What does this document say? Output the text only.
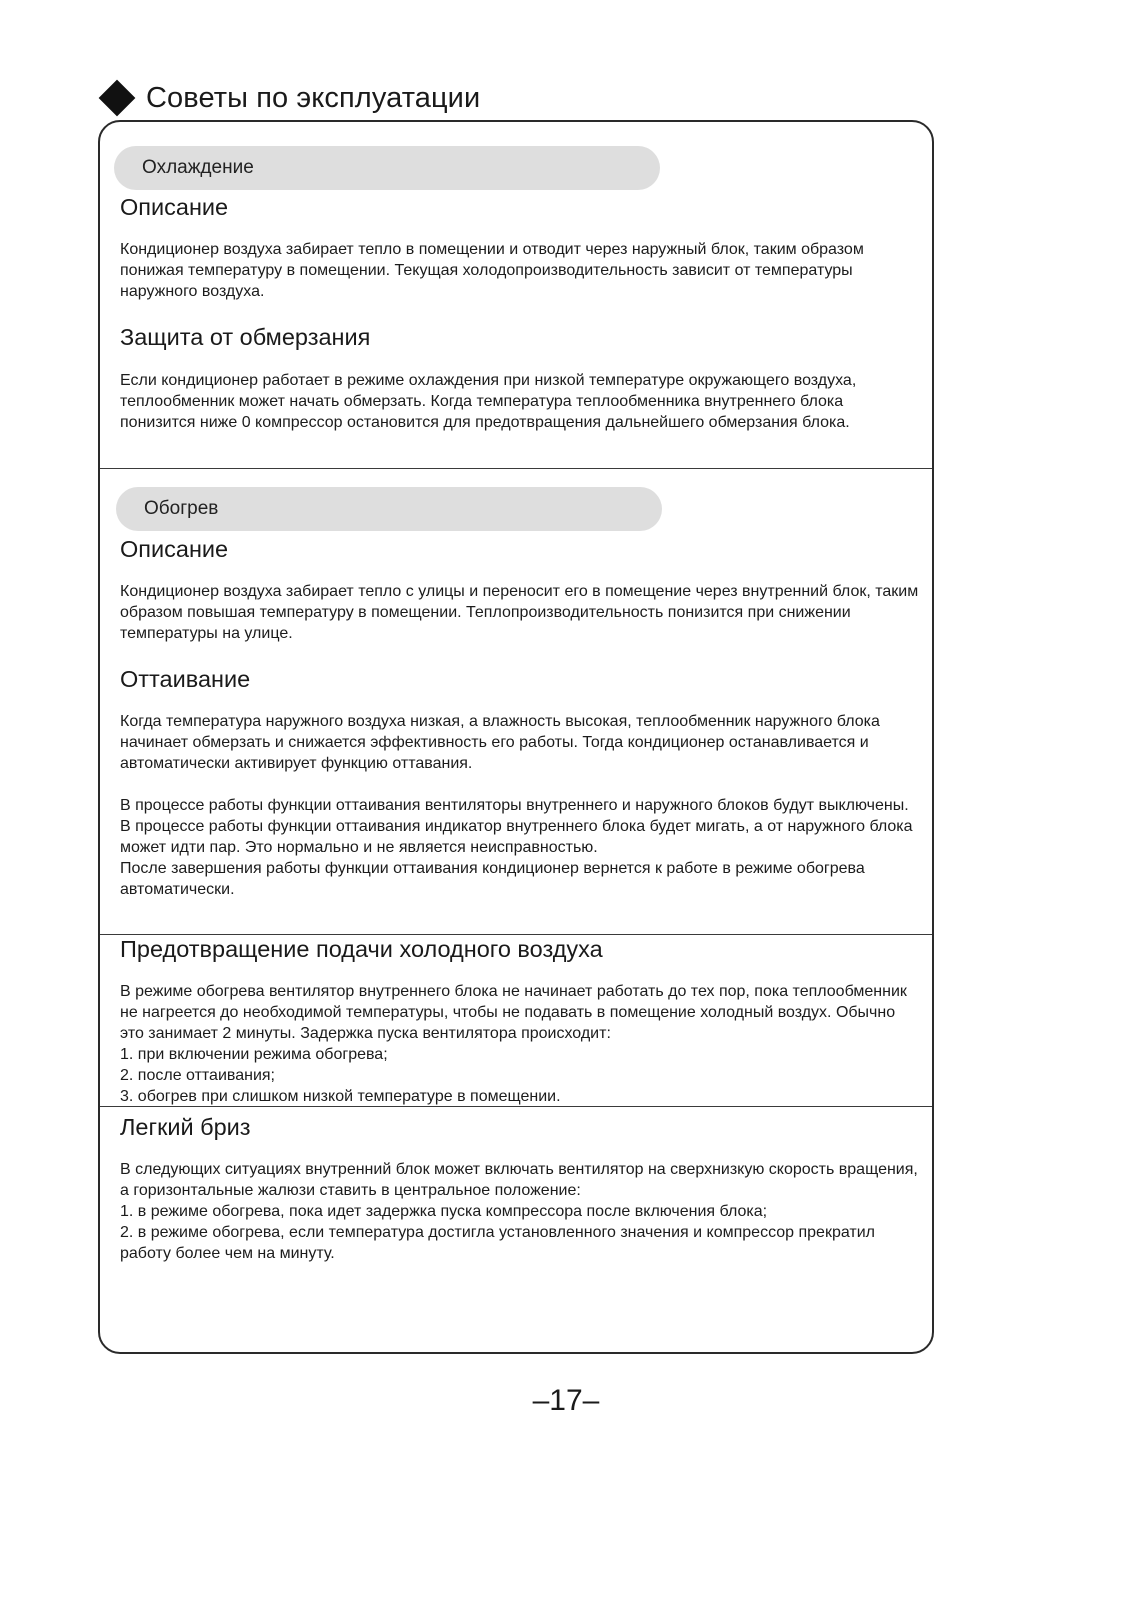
Советы по эксплуатации
Охлаждение
Описание

Кондиционер воздуха забирает тепло в помещении и отводит через наружный блок, таким образом понижая температуру в помещении. Текущая холодопроизводительность зависит от температуры наружного воздуха.

Защита от обмерзания

Если кондиционер работает в режиме охлаждения при низкой температуре окружающего воздуха, теплообменник может начать обмерзать. Когда температура теплообменника внутреннего блока понизится ниже 0 компрессор остановится для предотвращения дальнейшего обмерзания блока.

Обогрев
Описание

Кондиционер воздуха забирает тепло с улицы и переносит его в помещение через внутренний блок, таким образом повышая температуру в помещении. Теплопроизводительность понизится при снижении температуры на улице.

Оттаивание

Когда температура наружного воздуха низкая, а влажность высокая, теплообменник наружного блока начинает обмерзать и снижается эффективность его работы. Тогда кондиционер останавливается и автоматически активирует функцию оттавания.

В процессе работы функции оттаивания вентиляторы внутреннего и наружного блоков будут выключены.

В процессе работы функции оттаивания индикатор внутреннего блока будет мигать, а от наружного блока может идти пар. Это нормально и не является неисправностью.

После завершения работы функции оттаивания кондиционер вернется к работе в режиме обогрева автоматически.

Предотвращение подачи холодного воздуха

В режиме обогрева вентилятор внутреннего блока не начинает работать до тех пор, пока теплообменник не нагреется до необходимой температуры, чтобы не подавать в помещение холодный воздух. Обычно это занимает 2 минуты. Задержка пуска вентилятора происходит:

1. при включении режима обогрева;

2. после оттаивания;

3. обогрев при слишком низкой температуре в помещении.

Легкий бриз

В следующих ситуациях внутренний блок может включать вентилятор на сверхнизкую скорость вращения, а горизонтальные жалюзи ставить в центральное положение:

1. в режиме обогрева, пока идет задержка пуска компрессора после включения блока;

2. в режиме обогрева, если температура достигла установленного значения и компрессор прекратил работу более чем на минуту.

–17–
